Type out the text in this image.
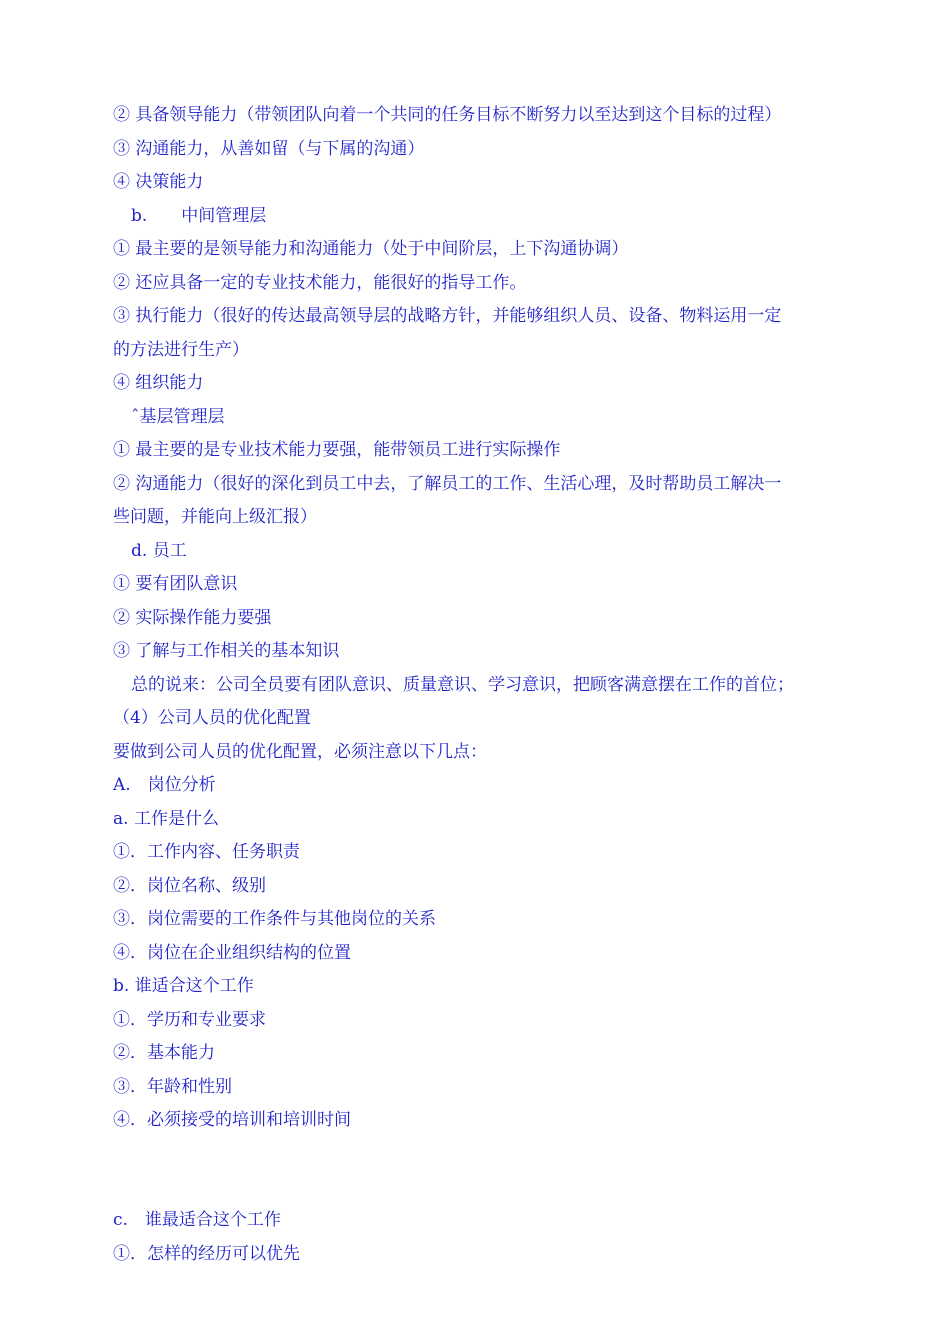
② 具备领导能力（带领团队向着一个共同的任务目标不断努力以至达到这个目标的过程）
③ 沟通能力，从善如留（与下属的沟通）
④ 决策能力
b.　　中间管理层
① 最主要的是领导能力和沟通能力（处于中间阶层，上下沟通协调）
② 还应具备一定的专业技术能力，能很好的指导工作。
③ 执行能力（很好的传达最高领导层的战略方针，并能够组织人员、设备、物料运用一定
的方法进行生产）
④ 组织能力
ˆ基层管理层
① 最主要的是专业技术能力要强，能带领员工进行实际操作
② 沟通能力（很好的深化到员工中去，了解员工的工作、生活心理，及时帮助员工解决一
些问题，并能向上级汇报）
d. 员工
① 要有团队意识
② 实际操作能力要强
③ 了解与工作相关的基本知识
总的说来：公司全员要有团队意识、质量意识、学习意识，把顾客满意摆在工作的首位；
（4）公司人员的优化配置
要做到公司人员的优化配置，必须注意以下几点：
A.　岗位分析
a. 工作是什么
①．工作内容、任务职责
②．岗位名称、级别
③．岗位需要的工作条件与其他岗位的关系
④．岗位在企业组织结构的位置
b. 谁适合这个工作
①．学历和专业要求
②．基本能力
③．年龄和性别
④．必须接受的培训和培训时间
c.　谁最适合这个工作
①．怎样的经历可以优先
